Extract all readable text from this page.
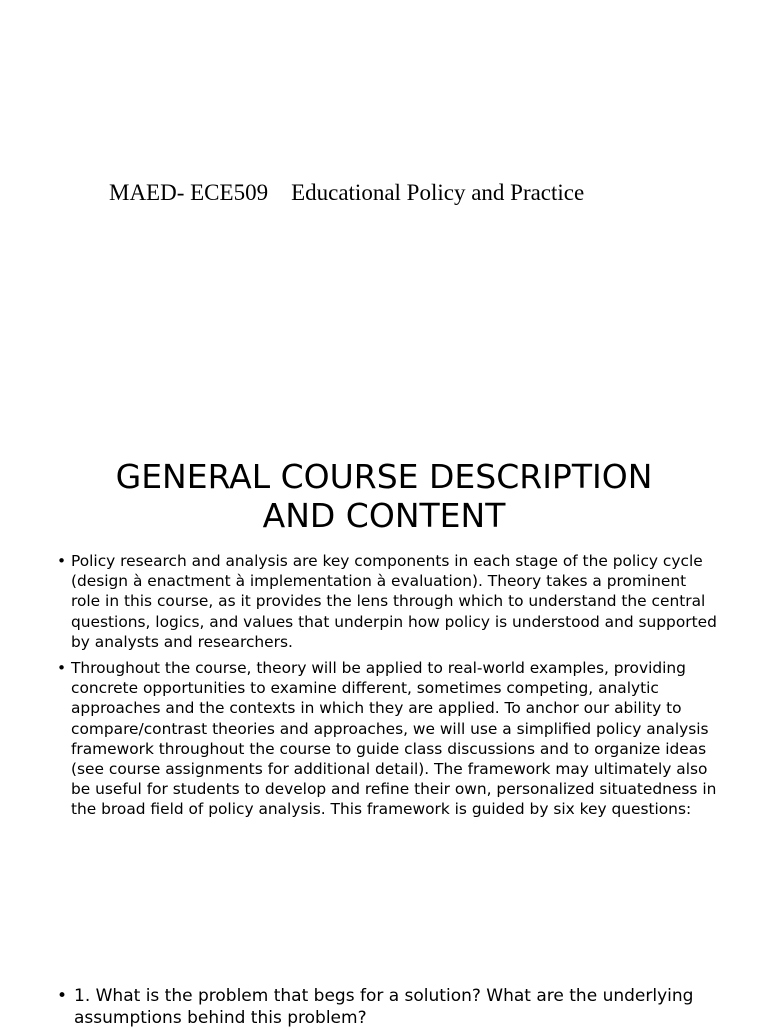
MAED- ECE509    Educational Policy and Practice
GENERAL COURSE DESCRIPTION
AND CONTENT
• Policy research and analysis are key components in each stage of the policy cycle (design à enactment à implementation à evaluation). Theory takes a prominent role in this course, as it provides the lens through which to understand the central questions, logics, and values that underpin how policy is understood and supported by analysts and researchers.
• Throughout the course, theory will be applied to real-world examples, providing concrete opportunities to examine different, sometimes competing, analytic approaches and the contexts in which they are applied. To anchor our ability to compare/contrast theories and approaches, we will use a simplified policy analysis framework throughout the course to guide class discussions and to organize ideas (see course assignments for additional detail). The framework may ultimately also be useful for students to develop and refine their own, personalized situatedness in the broad field of policy analysis. This framework is guided by six key questions:
• 1. What is the problem that begs for a solution? What are the underlying assumptions behind this problem?
